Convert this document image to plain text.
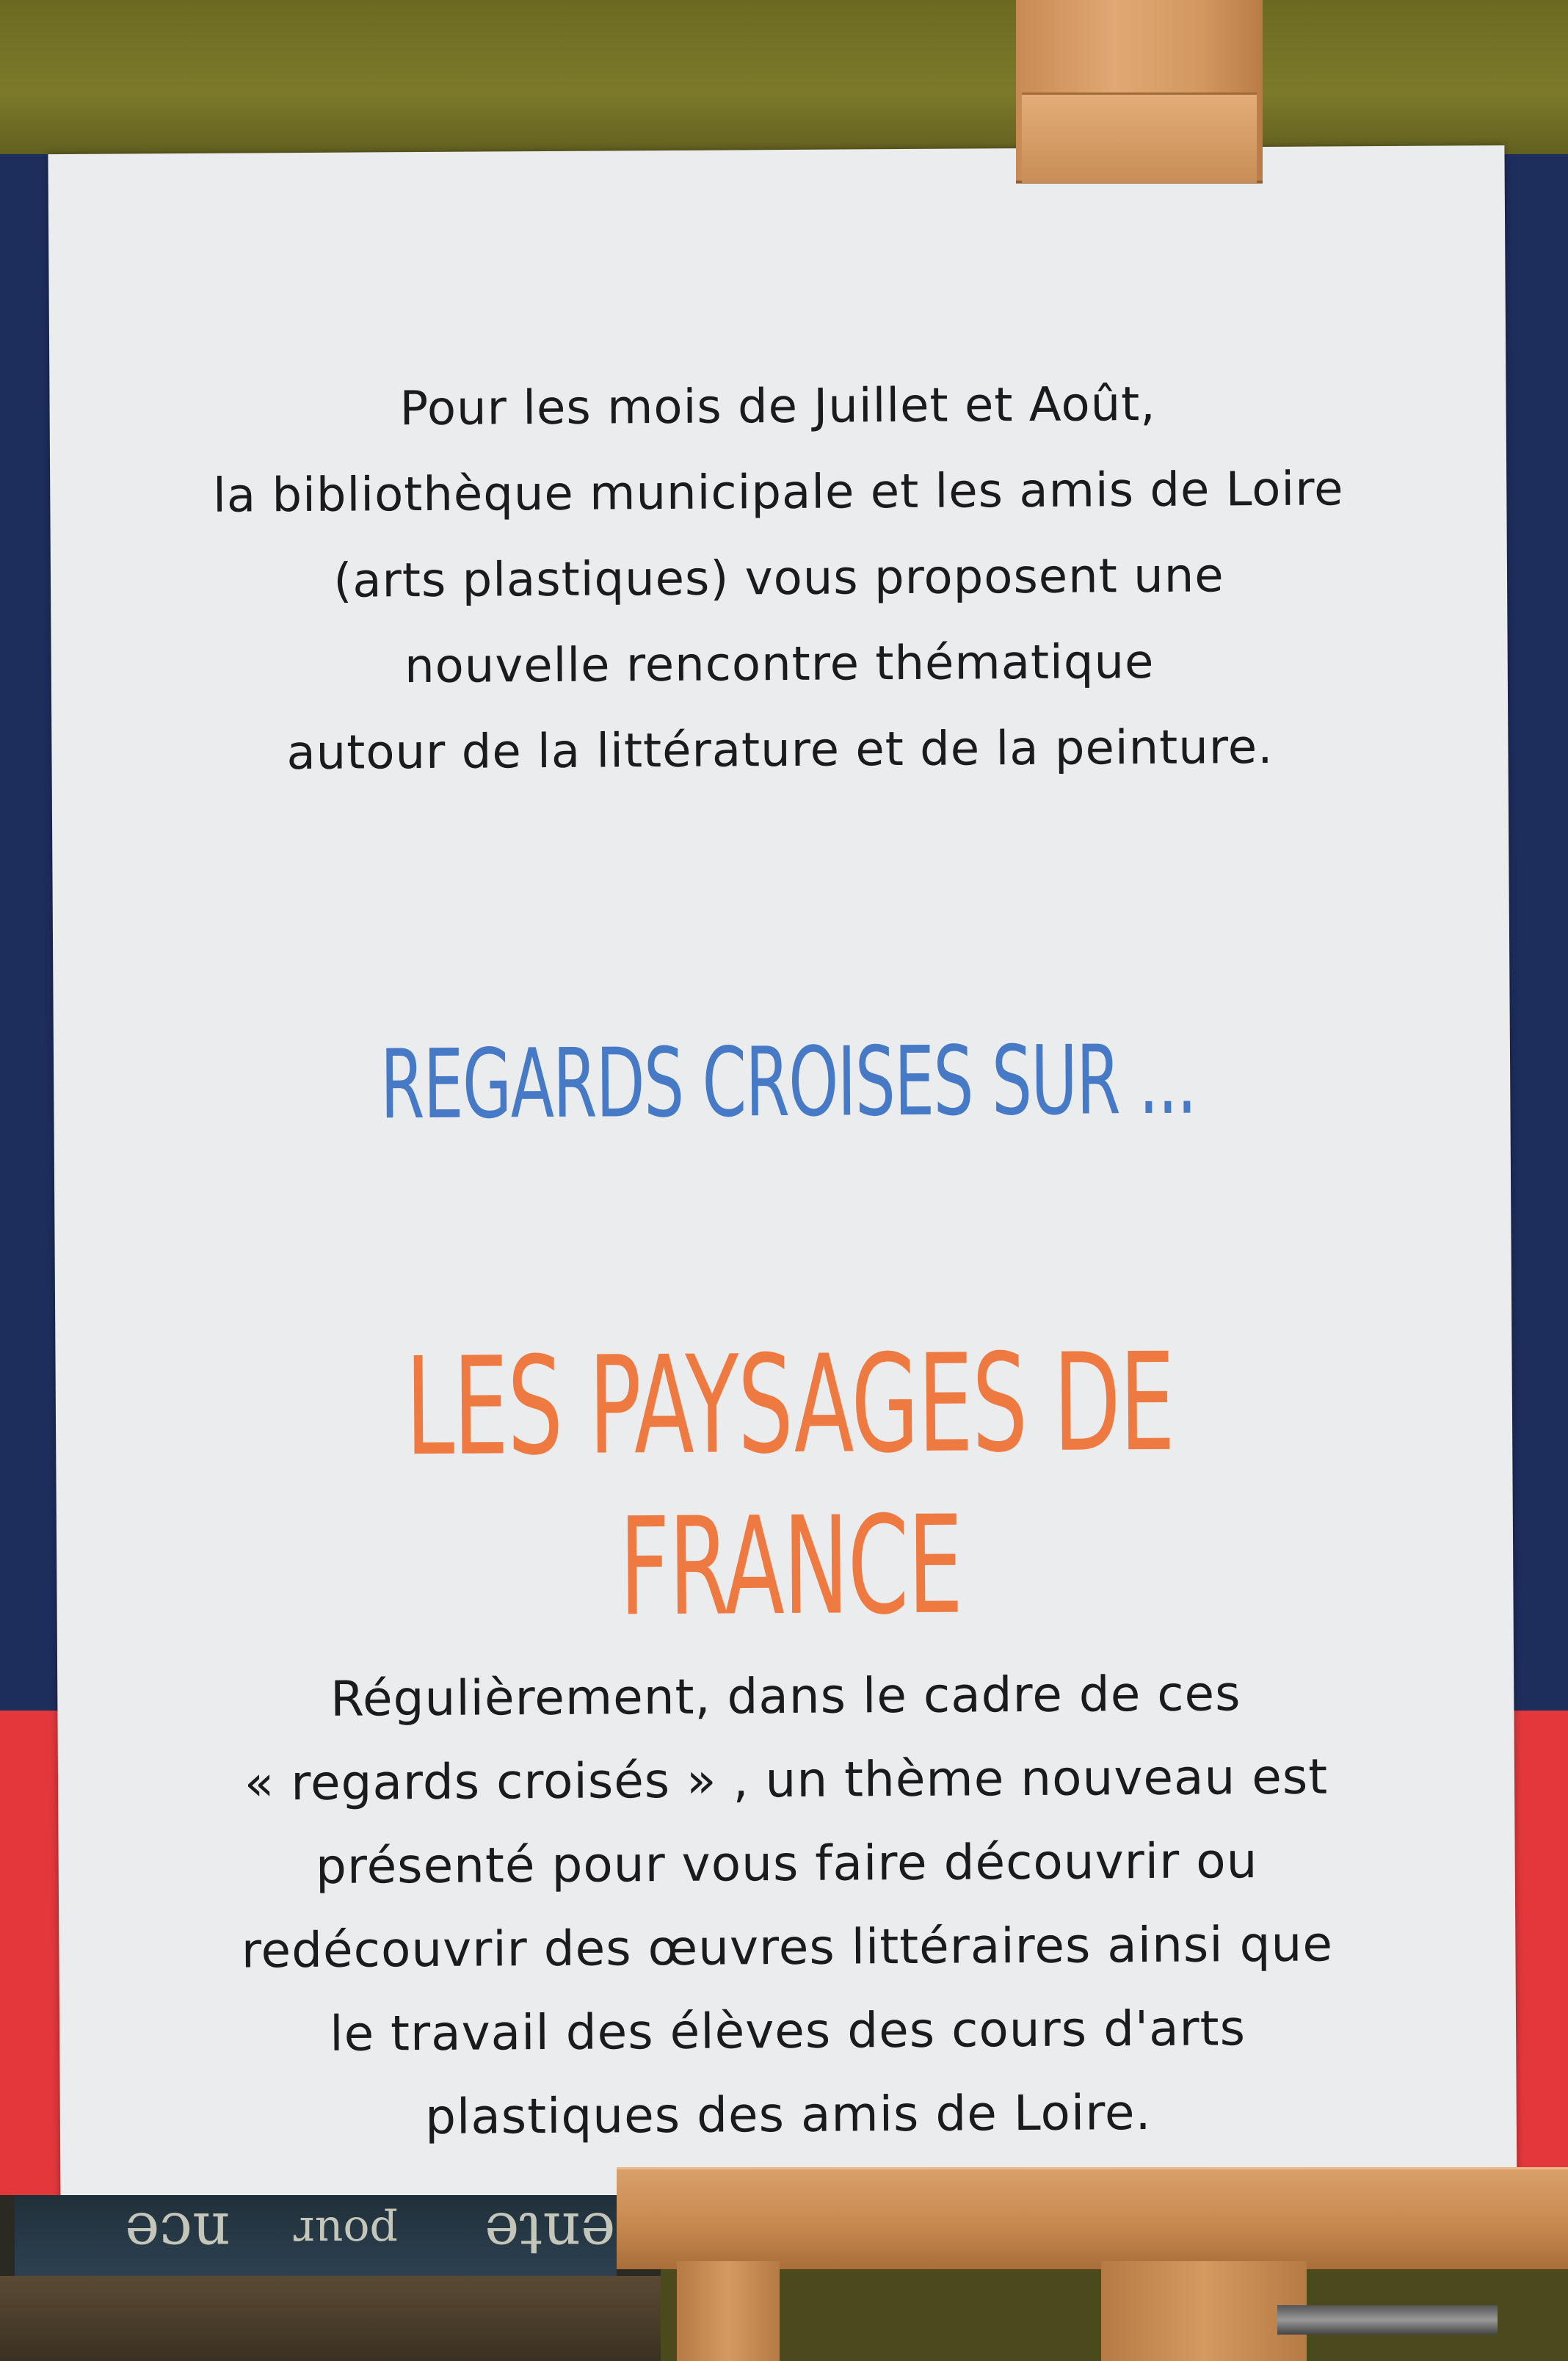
Pour les mois de Juillet et Août,
la bibliothèque municipale et les amis de Loire
(arts plastiques) vous proposent une
nouvelle rencontre thématique
autour de la littérature et de la peinture.

REGARDS CROISES SUR ...
LES PAYSAGES DE FRANCE

Régulièrement, dans le cadre de ces
« regards croisés » , un thème nouveau est
présenté pour vous faire découvrir ou
redécouvrir des œuvres littéraires ainsi que
le travail des élèves des cours d'arts
plastiques des amis de Loire.

nce pour ente
